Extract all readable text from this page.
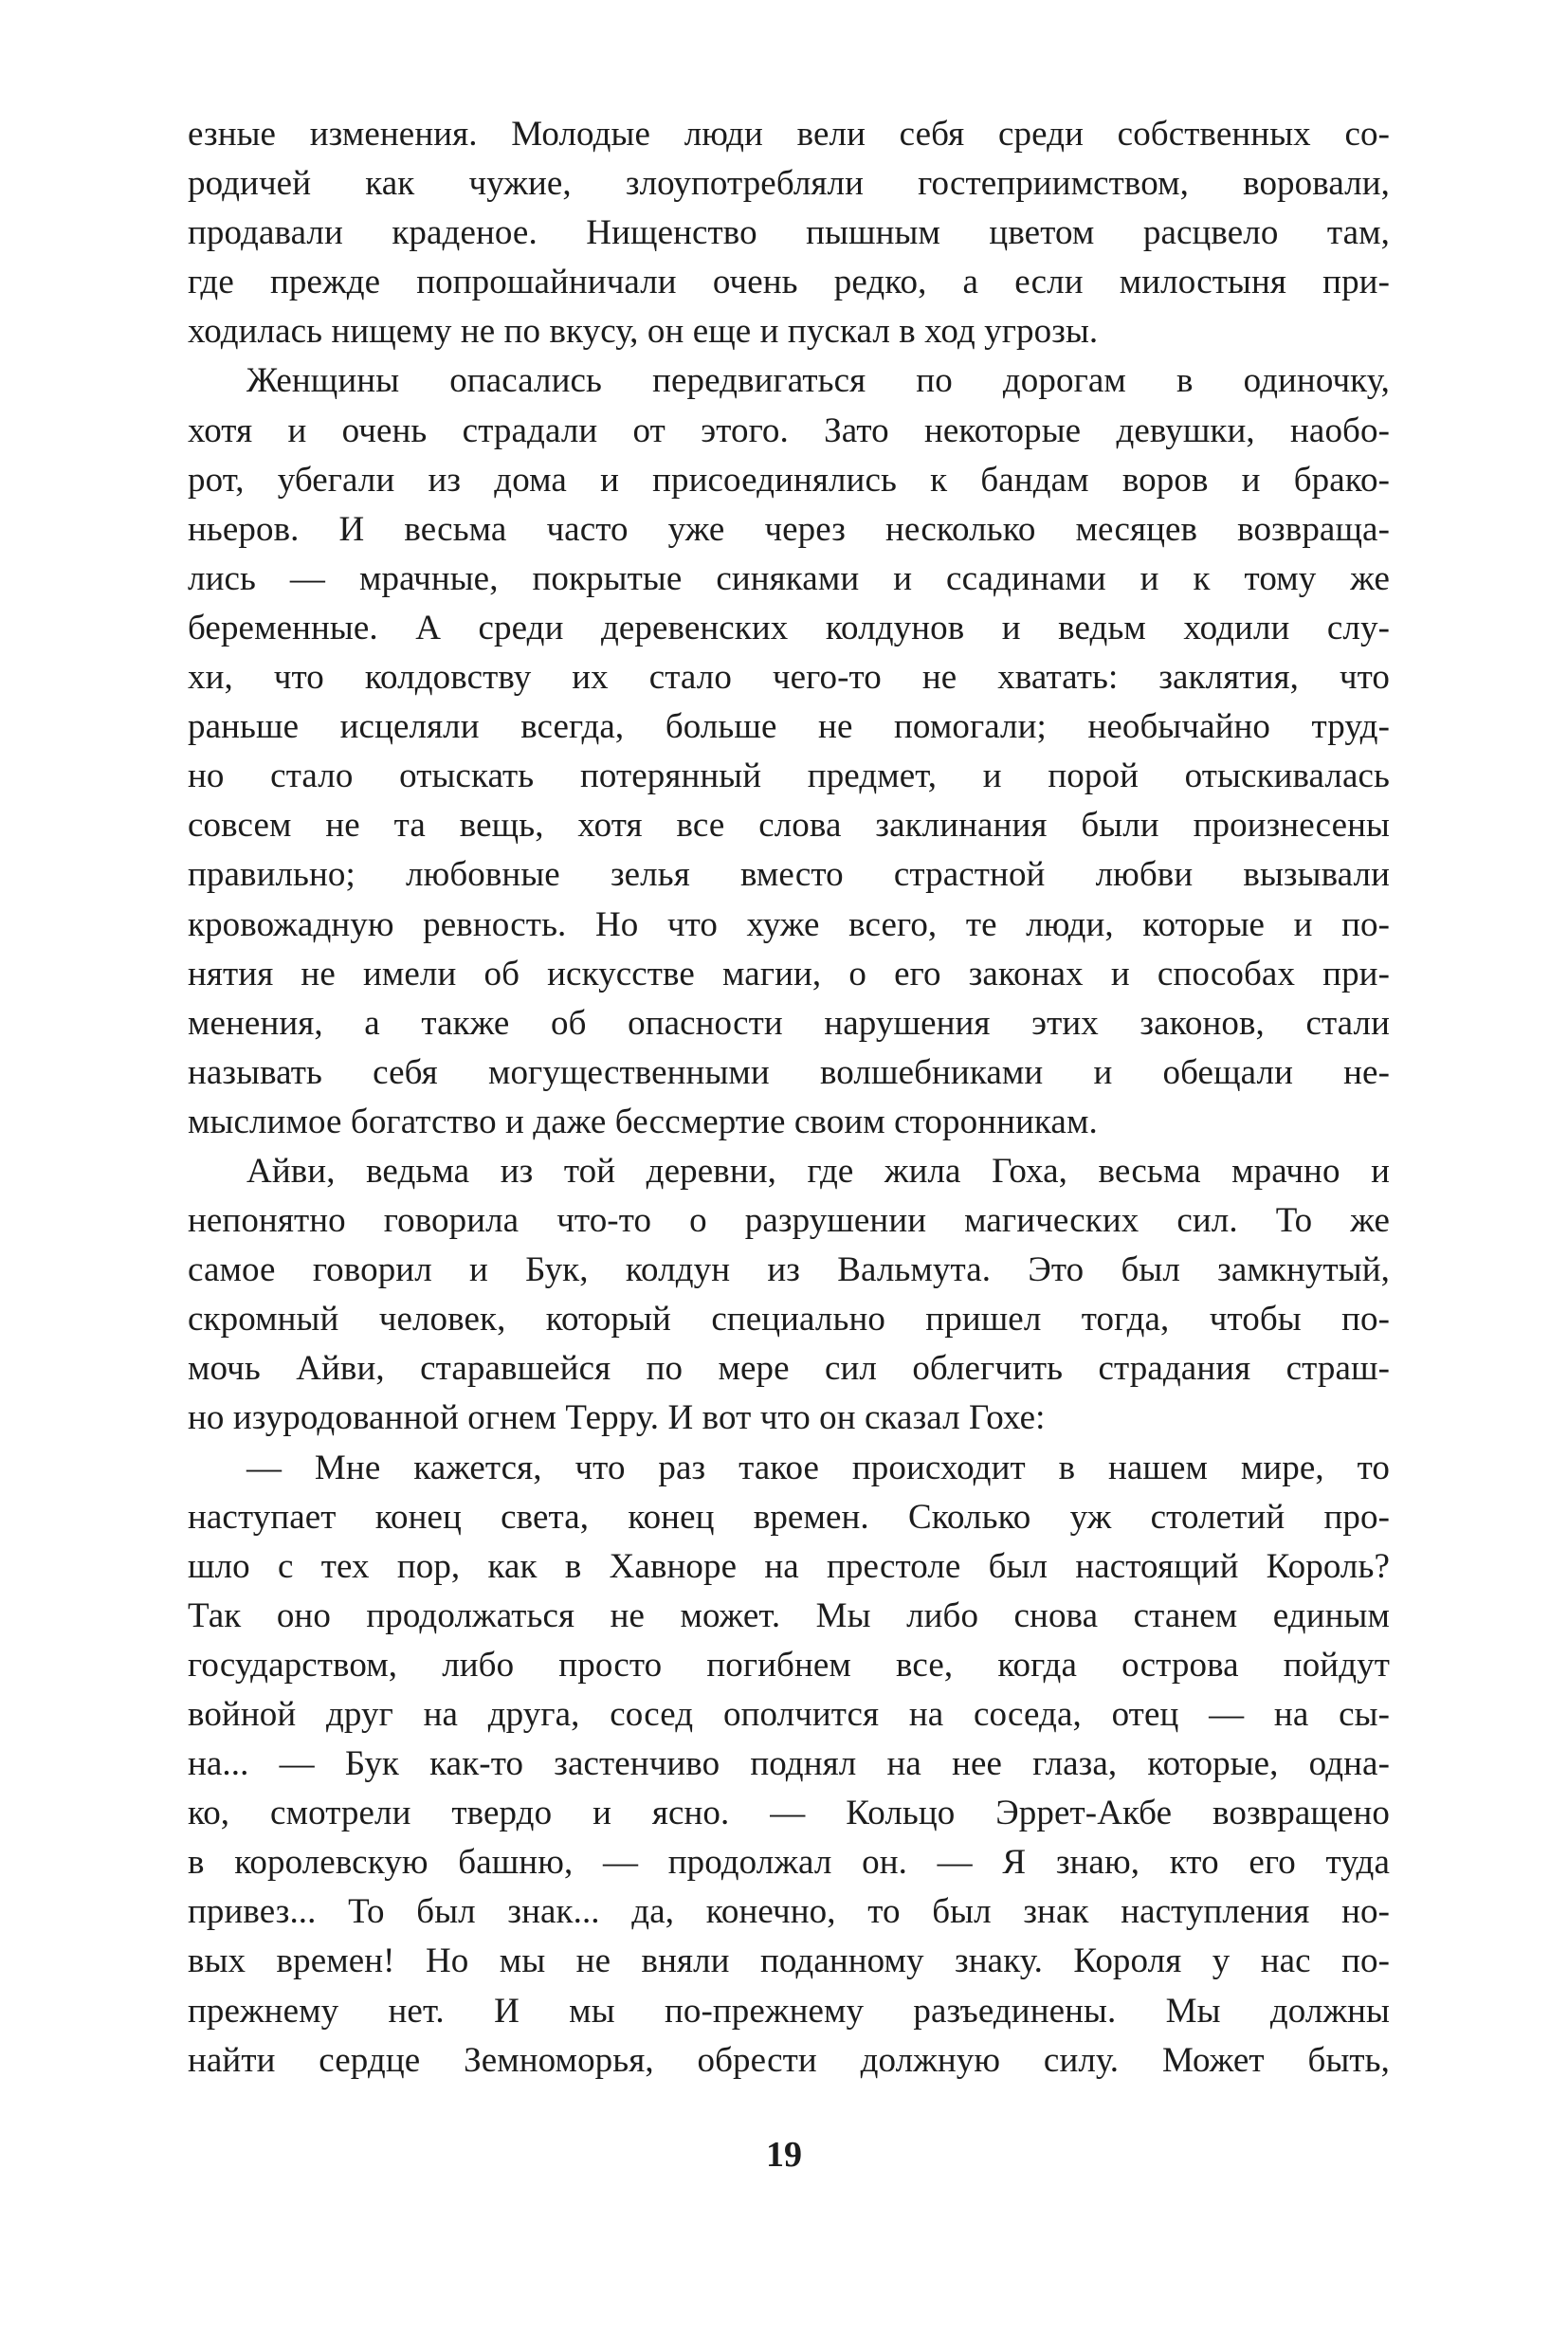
езные изменения. Молодые люди вели себя среди собственных со-
родичей как чужие, злоупотребляли гостеприимством, воровали,
продавали краденое. Нищенство пышным цветом расцвело там,
где прежде попрошайничали очень редко, а если милостыня при-
ходилась нищему не по вкусу, он еще и пускал в ход угрозы.
Женщины опасались передвигаться по дорогам в одиночку,
хотя и очень страдали от этого. Зато некоторые девушки, наобо-
рот, убегали из дома и присоединялись к бандам воров и брако-
ньеров. И весьма часто уже через несколько месяцев возвраща-
лись — мрачные, покрытые синяками и ссадинами и к тому же
беременные. А среди деревенских колдунов и ведьм ходили слу-
хи, что колдовству их стало чего-то не хватать: заклятия, что
раньше исцеляли всегда, больше не помогали; необычайно труд-
но стало отыскать потерянный предмет, и порой отыскивалась
совсем не та вещь, хотя все слова заклинания были произнесены
правильно; любовные зелья вместо страстной любви вызывали
кровожадную ревность. Но что хуже всего, те люди, которые и по-
нятия не имели об искусстве магии, о его законах и способах при-
менения, а также об опасности нарушения этих законов, стали
называть себя могущественными волшебниками и обещали не-
мыслимое богатство и даже бессмертие своим сторонникам.
Айви, ведьма из той деревни, где жила Гоха, весьма мрачно и
непонятно говорила что-то о разрушении магических сил. То же
самое говорил и Бук, колдун из Вальмута. Это был замкнутый,
скромный человек, который специально пришел тогда, чтобы по-
мочь Айви, старавшейся по мере сил облегчить страдания страш-
но изуродованной огнем Терру. И вот что он сказал Гохе:
— Мне кажется, что раз такое происходит в нашем мире, то
наступает конец света, конец времен. Сколько уж столетий про-
шло с тех пор, как в Хавноре на престоле был настоящий Король?
Так оно продолжаться не может. Мы либо снова станем единым
государством, либо просто погибнем все, когда острова пойдут
войной друг на друга, сосед ополчится на соседа, отец — на сы-
на... — Бук как-то застенчиво поднял на нее глаза, которые, одна-
ко, смотрели твердо и ясно. — Кольцо Эррет-Акбе возвращено
в королевскую башню, — продолжал он. — Я знаю, кто его туда
привез... То был знак... да, конечно, то был знак наступления но-
вых времен! Но мы не вняли поданному знаку. Короля у нас по-
прежнему нет. И мы по-прежнему разъединены. Мы должны
найти сердце Земноморья, обрести должную силу. Может быть,
19
